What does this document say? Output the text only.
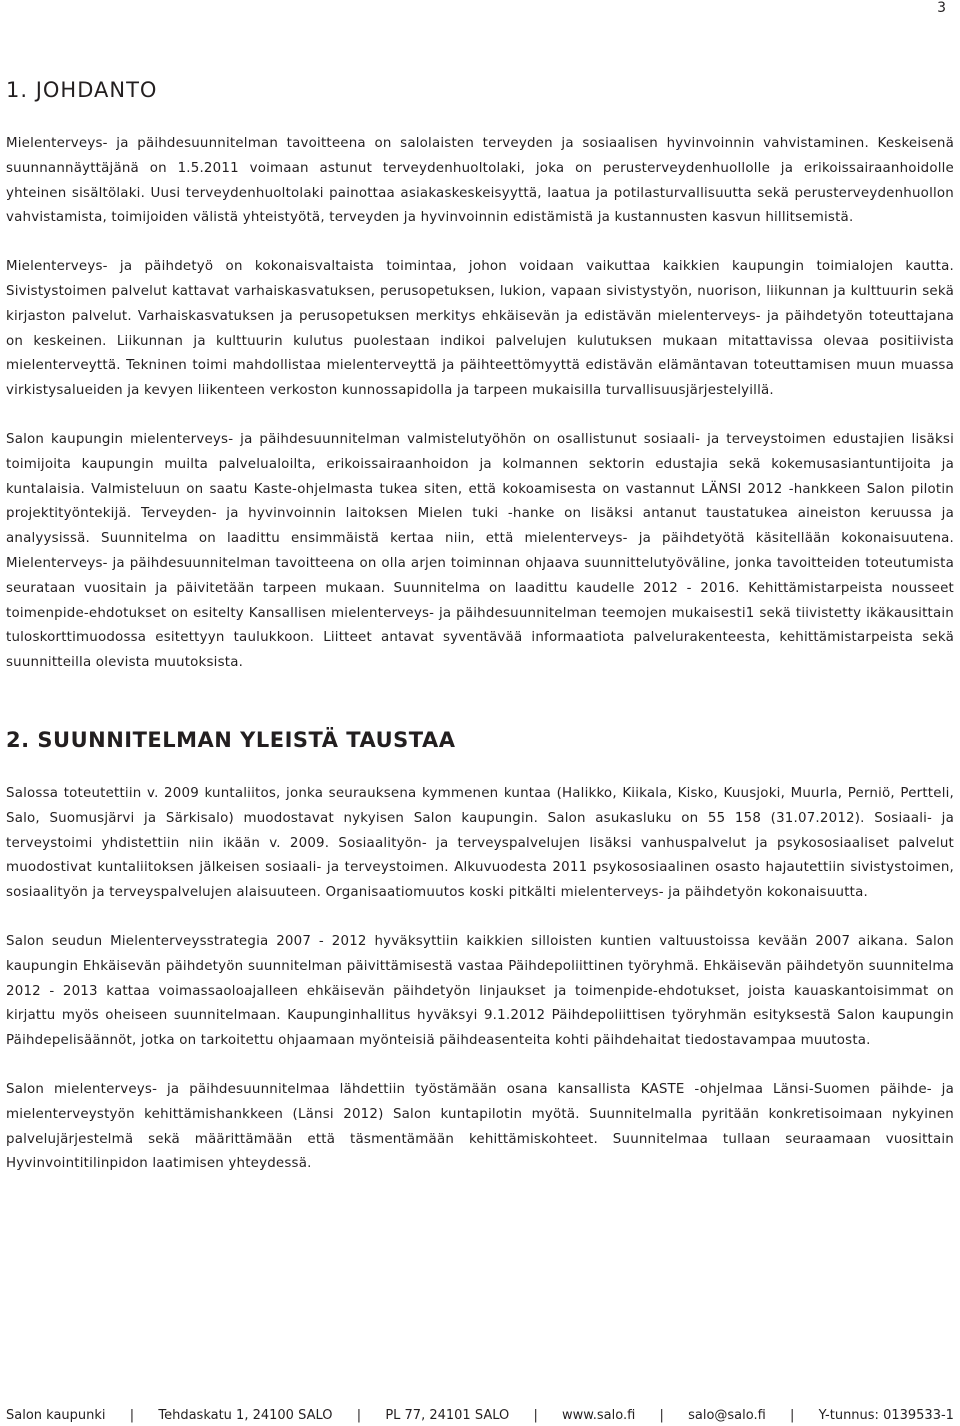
3
1. JOHDANTO

Mielenterveys- ja päihdesuunnitelman tavoitteena on salolaisten terveyden ja sosiaalisen hyvinvoinnin vahvistaminen. Keskeisenä suunnannäyttäjänä on 1.5.2011 voimaan astunut terveydenhuoltolaki, joka on perusterveydenhuollolle ja erikoissairaanhoidolle yhteinen sisältölaki. Uusi terveydenhuoltolaki painottaa asiakaskeskeisyyttä, laatua ja potilasturvallisuutta sekä perusterveydenhuollon vahvistamista, toimijoiden välistä yhteistyötä, terveyden ja hyvinvoinnin edistämistä ja kustannusten kasvun hillitsemistä.

Mielenterveys- ja päihdetyö on kokonaisvaltaista toimintaa, johon voidaan vaikuttaa kaikkien kaupungin toimialojen kautta. Sivistystoimen palvelut kattavat varhaiskasvatuksen, perusopetuksen, lukion, vapaan sivistystyön, nuorison, liikunnan ja kulttuurin sekä kirjaston palvelut. Varhaiskasvatuksen ja perusopetuksen merkitys ehkäisevän ja edistävän mielenterveys- ja päihdetyön toteuttajana on keskeinen. Liikunnan ja kulttuurin kulutus puolestaan indikoi palvelujen kulutuksen mukaan mitattavissa olevaa positiivista mielenterveyttä. Tekninen toimi mahdollistaa mielenterveyttä ja päihteettömyyttä edistävän elämäntavan toteuttamisen muun muassa virkistysalueiden ja kevyen liikenteen verkoston kunnossapidolla ja tarpeen mukaisilla turvallisuusjärjestelyillä.

Salon kaupungin mielenterveys- ja päihdesuunnitelman valmistelutyöhön on osallistunut sosiaali- ja terveystoimen edustajien lisäksi toimijoita kaupungin muilta palvelualoilta, erikoissairaanhoidon ja kolmannen sektorin edustajia sekä kokemusasiantuntijoita ja kuntalaisia. Valmisteluun on saatu Kaste-ohjelmasta tukea siten, että kokoamisesta on vastannut LÄNSI 2012 -hankkeen Salon pilotin projektityöntekijä. Terveyden- ja hyvinvoinnin laitoksen Mielen tuki -hanke on lisäksi antanut taustatukea aineiston keruussa ja analyysissä. Suunnitelma on laadittu ensimmäistä kertaa niin, että mielenterveys- ja päihdetyötä käsitellään kokonaisuutena. Mielenterveys- ja päihdesuunnitelman tavoitteena on olla arjen toiminnan ohjaava suunnittelutyöväline, jonka tavoitteiden toteutumista seurataan vuositain ja päivitetään tarpeen mukaan. Suunnitelma on laadittu kaudelle 2012 - 2016. Kehittämistarpeista nousseet toimenpide-ehdotukset on esitelty Kansallisen mielenterveys- ja päihdesuunnitelman teemojen mukaisesti1 sekä tiivistetty ikäkausittain tuloskorttimuodossa esitettyyn taulukkoon. Liitteet antavat syventävää informaatiota palvelurakenteesta, kehittämistarpeista sekä suunnitteilla olevista muutoksista.

2. SUUNNITELMAN YLEISTÄ TAUSTAA

Salossa toteutettiin v. 2009 kuntaliitos, jonka seurauksena kymmenen kuntaa (Halikko, Kiikala, Kisko, Kuusjoki, Muurla, Perniö, Pertteli, Salo, Suomusjärvi ja Särkisalo) muodostavat nykyisen Salon kaupungin. Salon asukasluku on 55 158 (31.07.2012). Sosiaali- ja terveystoimi yhdistettiin niin ikään v. 2009. Sosiaalityön- ja terveyspalvelujen lisäksi vanhuspalvelut ja psykososiaaliset palvelut muodostivat kuntaliitoksen jälkeisen sosiaali- ja terveystoimen. Alkuvuodesta 2011 psykososiaalinen osasto hajautettiin sivistystoimen, sosiaalityön ja terveyspalvelujen alaisuuteen. Organisaatiomuutos koski pitkälti mielenterveys- ja päihdetyön kokonaisuutta.

Salon seudun Mielenterveysstrategia 2007 - 2012 hyväksyttiin kaikkien silloisten kuntien valtuustoissa kevään 2007 aikana. Salon kaupungin Ehkäisevän päihdetyön suunnitelman päivittämisestä vastaa Päihdepoliittinen työryhmä. Ehkäisevän päihdetyön suunnitelma 2012 - 2013 kattaa voimassaoloajalleen ehkäisevän päihdetyön linjaukset ja toimenpide-ehdotukset, joista kauaskantoisimmat on kirjattu myös oheiseen suunnitelmaan. Kaupunginhallitus hyväksyi 9.1.2012 Päihdepoliittisen työryhmän esityksestä Salon kaupungin Päihdepelisäännöt, jotka on tarkoitettu ohjaamaan myönteisiä päihdeasenteita kohti päihdehaitat tiedostavampaa muutosta.

Salon mielenterveys- ja päihdesuunnitelmaa lähdettiin työstämään osana kansallista KASTE -ohjelmaa Länsi-Suomen päihde- ja mielenterveystyön kehittämishankkeen (Länsi 2012) Salon kuntapilotin myötä. Suunnitelmalla pyritään konkretisoimaan nykyinen palvelujärjestelmä sekä määrittämään että täsmentämään kehittämiskohteet. Suunnitelmaa tullaan seuraamaan vuosittain Hyvinvointitilinpidon laatimisen yhteydessä.

Salon kaupunki | Tehdaskatu 1, 24100 SALO | PL 77, 24101 SALO | www.salo.fi | salo@salo.fi | Y-tunnus: 0139533-1
